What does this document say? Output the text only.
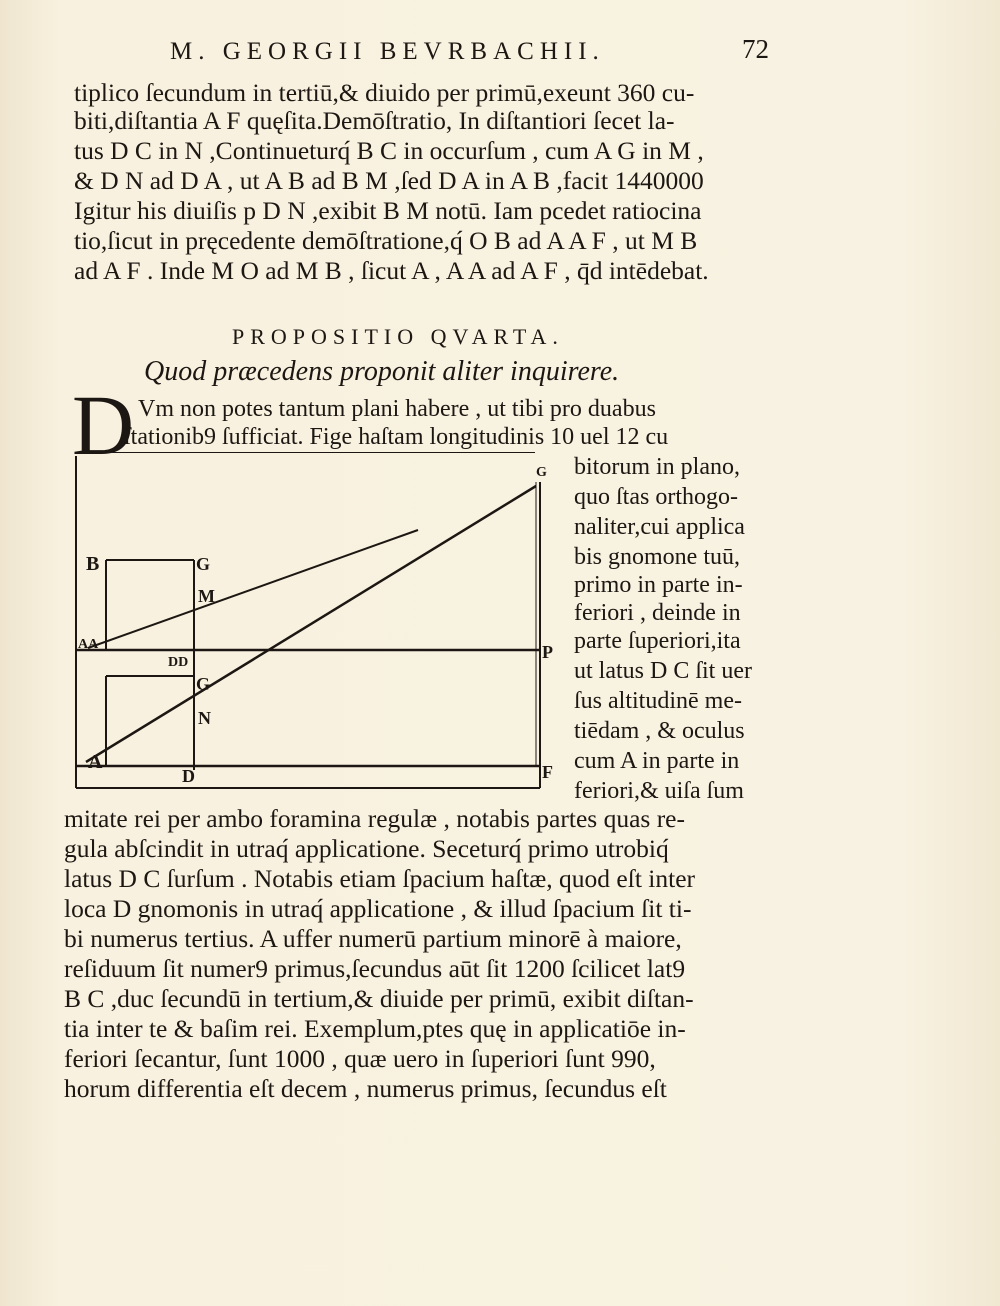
M. GEORGII BEVRBACHII.	72
tiplico ſecundum in tertiū,& diuido per primū,exeunt 360 cu-
biti,diſtantia A F quęſita.Demōſtratio, In diſtantiori ſecet la-
tus D C in N ,Continueturq́ B C in occurſum , cum A G in M ,
& D N ad D A , ut A B ad B M ,ſed D A in A B ,facit 1440000
Igitur his diuiſis p D N ,exibit B M notū. Iam pcedet ratiocina
tio,ſicut in pręcedente demōſtratione,q́ O B ad A A F , ut M B
ad A F . Inde M O ad M B , ſicut A , A A ad A F , q̄d intēdebat.
PROPOSITIO QVARTA.
Quod præcedens proponit aliter inquirere.
D Vm non potes tantum plani habere , ut tibi pro duabus
ſtationib9 ſufficiat. Fige haſtam longitudinis 10 uel 12 cu
B	G
M
AA
DD
G
N
A
D	F
P
G bitorum in plano,
quo ſtas orthogo-
naliter,cui applica
bis gnomone tuū,
primo in parte in-
feriori , deinde in
parte ſuperiori,ita
ut latus D C ſit uer
ſus altitudinē me-
tiēdam , & oculus
cum A in parte in
feriori,& uiſa ſum
mitate rei per ambo foramina regulæ , notabis partes quas re-
gula abſcindit in utraq́ applicatione. Seceturq́ primo utrobiq́
latus D C ſurſum . Notabis etiam ſpacium haſtæ, quod eſt inter
loca D gnomonis in utraq́ applicatione , & illud ſpacium ſit ti-
bi numerus tertius. A uffer numerū partium minorē à maiore,
reſiduum ſit numer9 primus,ſecundus aūt ſit 1200 ſcilicet lat9
B C ,duc ſecundū in tertium,& diuide per primū, exibit diſtan-
tia inter te & baſim rei. Exemplum,ptes quę in applicatiōe in-
feriori ſecantur, ſunt 1000 , quæ uero in ſuperiori ſunt 990,
horum differentia eſt decem , numerus primus, ſecundus eſt
